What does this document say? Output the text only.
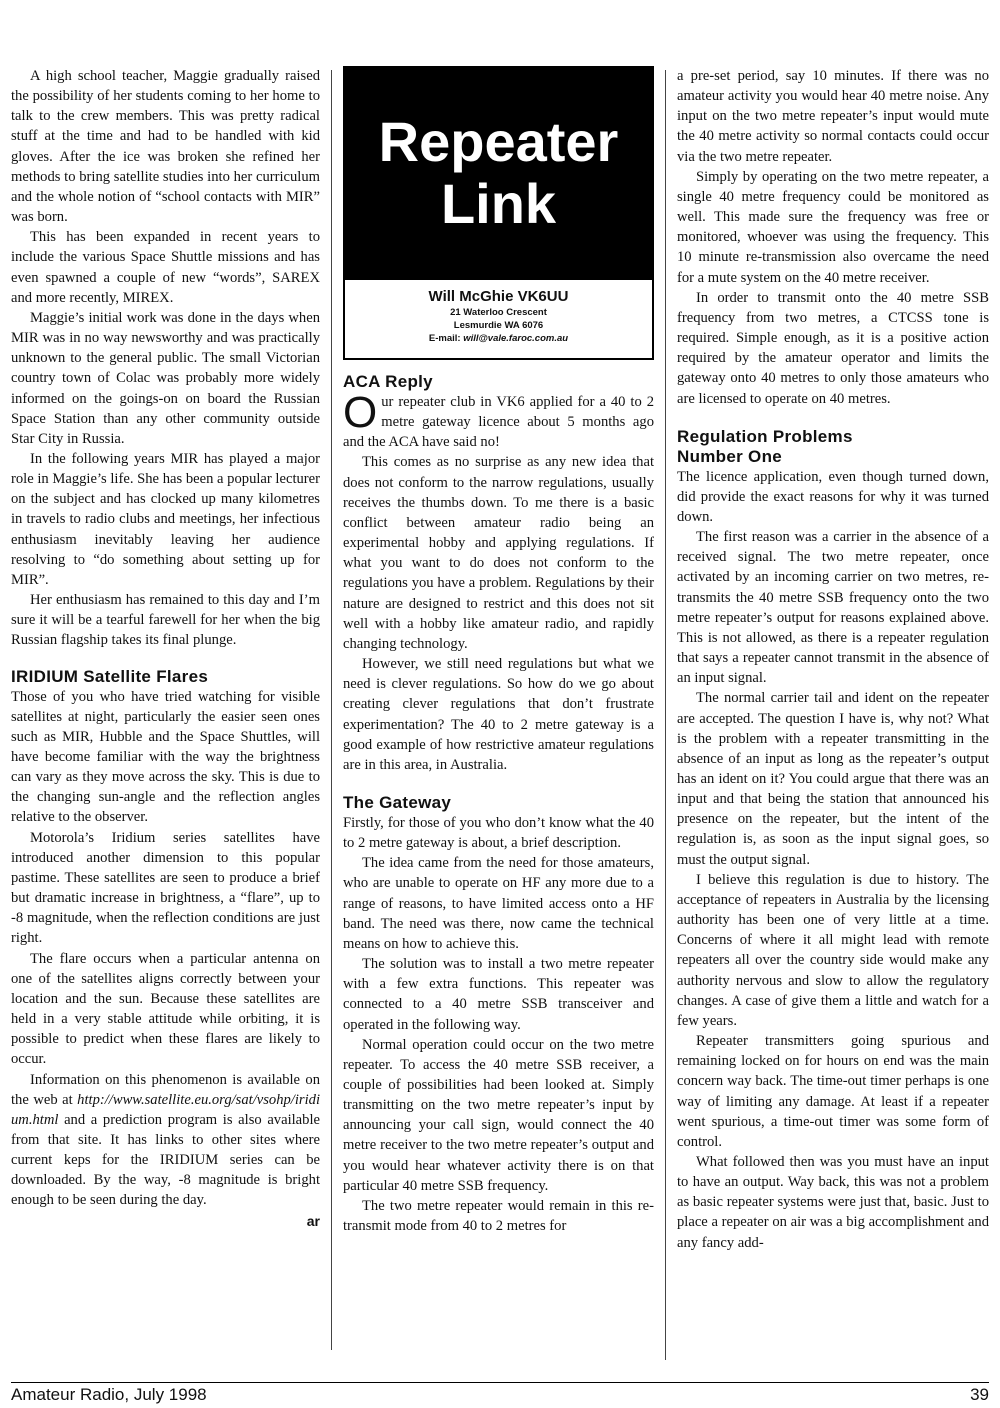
A high school teacher, Maggie gradually raised the possibility of her students coming to her home to talk to the crew members. This was pretty radical stuff at the time and had to be handled with kid gloves. After the ice was broken she refined her methods to bring satellite studies into her curriculum and the whole notion of “school contacts with MIR” was born.

This has been expanded in recent years to include the various Space Shuttle missions and has even spawned a couple of new “words”, SAREX and more recently, MIREX.

Maggie’s initial work was done in the days when MIR was in no way newsworthy and was practically unknown to the general public. The small Victorian country town of Colac was probably more widely informed on the goings-on on board the Russian Space Station than any other community outside Star City in Russia.

In the following years MIR has played a major role in Maggie’s life. She has been a popular lecturer on the subject and has clocked up many kilometres in travels to radio clubs and meetings, her infectious enthusiasm inevitably leaving her audience resolving to “do something about setting up for MIR”.

Her enthusiasm has remained to this day and I’m sure it will be a tearful farewell for her when the big Russian flagship takes its final plunge.

IRIDIUM Satellite Flares

Those of you who have tried watching for visible satellites at night, particularly the easier seen ones such as MIR, Hubble and the Space Shuttles, will have become familiar with the way the brightness can vary as they move across the sky. This is due to the changing sun-angle and the reflection angles relative to the observer.

Motorola’s Iridium series satellites have introduced another dimension to this popular pastime. These satellites are seen to produce a brief but dramatic increase in brightness, a “flare”, up to -8 magnitude, when the reflection conditions are just right.

The flare occurs when a particular antenna on one of the satellites aligns correctly between your location and the sun. Because these satellites are held in a very stable attitude while orbiting, it is possible to predict when these flares are likely to occur.

Information on this phenomenon is available on the web at http://www.satellite.eu.org/sat/vsohp/iridium.html and a prediction program is also available from that site. It has links to other sites where current keps for the IRIDIUM series can be downloaded. By the way, -8 magnitude is bright enough to be seen during the day.

ar

Repeater
Link
Will McGhie VK6UU
21 Waterloo Crescent
Lesmurdie WA 6076
E-mail: will@vale.faroc.com.au
ACA Reply

Our repeater club in VK6 applied for a 40 to 2 metre gateway licence about 5 months ago and the ACA have said no!

This comes as no surprise as any new idea that does not conform to the narrow regulations, usually receives the thumbs down. To me there is a basic conflict between amateur radio being an experimental hobby and applying regulations. If what you want to do does not conform to the regulations you have a problem. Regulations by their nature are designed to restrict and this does not sit well with a hobby like amateur radio, and rapidly changing technology.

However, we still need regulations but what we need is clever regulations. So how do we go about creating clever regulations that don’t frustrate experimentation? The 40 to 2 metre gateway is a good example of how restrictive amateur regulations are in this area, in Australia.

The Gateway

Firstly, for those of you who don’t know what the 40 to 2 metre gateway is about, a brief description.

The idea came from the need for those amateurs, who are unable to operate on HF any more due to a range of reasons, to have limited access onto a HF band. The need was there, now came the technical means on how to achieve this.

The solution was to install a two metre repeater with a few extra functions. This repeater was connected to a 40 metre SSB transceiver and operated in the following way.

Normal operation could occur on the two metre repeater. To access the 40 metre SSB receiver, a couple of possibilities had been looked at. Simply transmitting on the two metre repeater’s input by announcing your call sign, would connect the 40 metre receiver to the two metre repeater’s output and you would hear whatever activity there is on that particular 40 metre SSB frequency.

The two metre repeater would remain in this re-transmit mode from 40 to 2 metres for

a pre-set period, say 10 minutes. If there was no amateur activity you would hear 40 metre noise. Any input on the two metre repeater’s input would mute the 40 metre activity so normal contacts could occur via the two metre repeater.

Simply by operating on the two metre repeater, a single 40 metre frequency could be monitored as well. This made sure the frequency was free or monitored, whoever was using the frequency. This 10 minute re-transmission also overcame the need for a mute system on the 40 metre receiver.

In order to transmit onto the 40 metre SSB frequency from two metres, a CTCSS tone is required. Simple enough, as it is a positive action required by the amateur operator and limits the gateway onto 40 metres to only those amateurs who are licensed to operate on 40 metres.

Regulation Problems
Number One

The licence application, even though turned down, did provide the exact reasons for why it was turned down.

The first reason was a carrier in the absence of a received signal. The two metre repeater, once activated by an incoming carrier on two metres, re-transmits the 40 metre SSB frequency onto the two metre repeater’s output for reasons explained above. This is not allowed, as there is a repeater regulation that says a repeater cannot transmit in the absence of an input signal.

The normal carrier tail and ident on the repeater are accepted. The question I have is, why not? What is the problem with a repeater transmitting in the absence of an input as long as the repeater’s output has an ident on it? You could argue that there was an input and that being the station that announced his presence on the repeater, but the intent of the regulation is, as soon as the input signal goes, so must the output signal.

I believe this regulation is due to history. The acceptance of repeaters in Australia by the licensing authority has been one of very little at a time. Concerns of where it all might lead with remote repeaters all over the country side would make any authority nervous and slow to allow the regulatory changes. A case of give them a little and watch for a few years.

Repeater transmitters going spurious and remaining locked on for hours on end was the main concern way back. The time-out timer perhaps is one way of limiting any damage. At least if a repeater went spurious, a time-out timer was some form of control.

What followed then was you must have an input to have an output. Way back, this was not a problem as basic repeater systems were just that, basic. Just to place a repeater on air was a big accomplishment and any fancy add-

Amateur Radio, July 1998	39
